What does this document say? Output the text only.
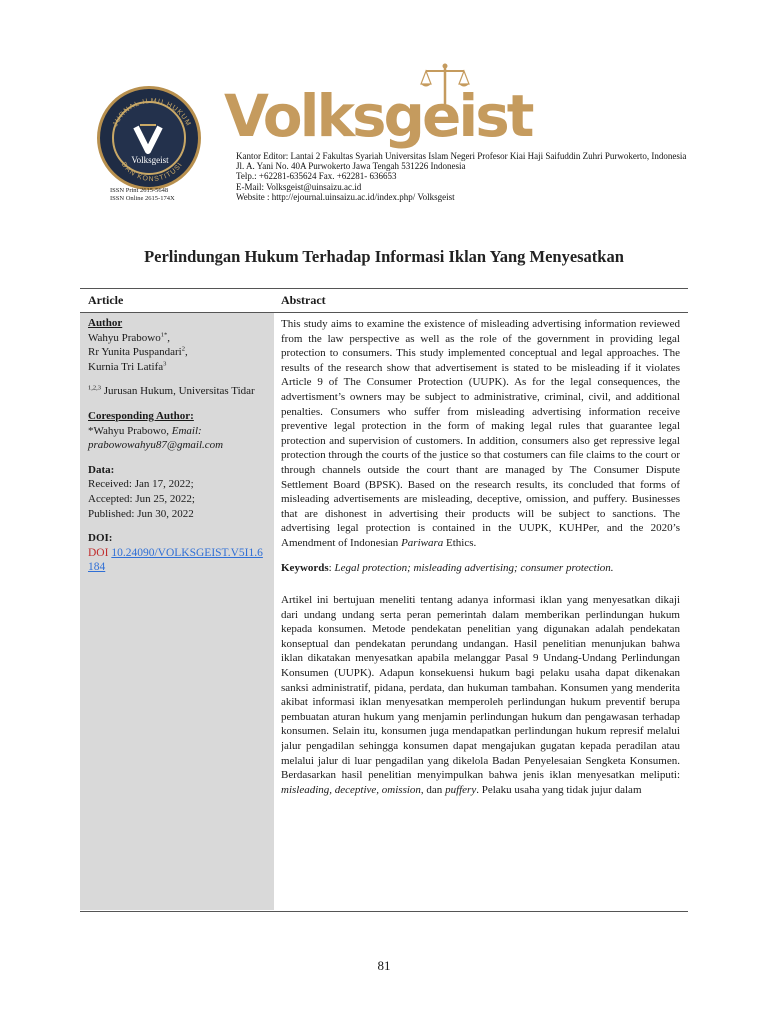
Volksgeist
JURNAL ILMU HUKUM
DAN KONSTITUSI
ISSN Print 2615-5648
ISSN Online 2615-174X
Volksgeist
Kantor Editor: Lantai 2 Fakultas Syariah Universitas Islam Negeri Profesor Kiai Haji Saifuddin Zuhri Purwokerto, Indonesia
Jl. A. Yani No. 40A Purwokerto Jawa Tengah 531226 Indonesia
Telp.: +62281-635624 Fax. +62281- 636653
E-Mail: Volksgeist@uinsaizu.ac.id
Website : http://ejournal.uinsaizu.ac.id/index.php/ Volksgeist
Perlindungan Hukum Terhadap Informasi Iklan Yang Menyesatkan
Article	Abstract
Author
Wahyu Prabowo$^{1*}$,
Rr Yunita Puspandari$^2$,
Kurnia Tri Latifa$^3$
$^{1,2,3}$ Jurusan Hukum, Universitas Tidar
Coresponding Author:
*Wahyu Prabowo, Email:
prabowowahyu87@gmail.com
Data:
Received: Jan 17, 2022;
Accepted: Jun 25, 2022;
Published: Jun 30, 2022
DOI:
DOI 10.24090/VOLKSGEIST.V5I1.6184

This study aims to examine the existence of misleading advertising information reviewed from the law perspective as well as the role of the government in providing legal protection to consumers. This study implemented conceptual and legal approaches. The results of the research show that advertisement is stated to be misleading if it violates Article 9 of The Consumer Protection (UUPK). As for the legal consequences, the advertisment’s owners may be subject to administrative, criminal, civil, and additional penalties. Consumers who suffer from misleading advertising information receive preventive legal protection in the form of making legal rules that guarantee legal protection and supervision of customers. In addition, consumers also get repressive legal protection through the courts of the justice so that costumers can file claims to the court or through channels outside the court thant are managed by The Consumer Dispute Settlement Board (BPSK). Based on the research results, its concluded that forms of misleading advertisements are misleading, deceptive, omission, and puffery. Businesses that are dishonest in advertising their products will be subject to sanctions. The advertising legal protection is contained in the UUPK, KUHPer, and the 2020’s Amendment of Indonesian Pariwara Ethics.

Keywords: Legal protection; misleading advertising; consumer protection.

Artikel ini bertujuan meneliti tentang adanya informasi iklan yang menyesatkan dikaji dari undang undang serta peran pemerintah dalam memberikan perlindungan hukum kepada konsumen. Metode pendekatan penelitian yang digunakan adalah pendekatan konseptual dan pendekatan perundang undangan. Hasil penelitian menunjukan bahwa iklan dikatakan menyesatkan apabila melanggar Pasal 9 Undang-Undang Perlindungan Konsumen (UUPK). Adapun konsekuensi hukum bagi pelaku usaha dapat dikenakan sanksi administratif, pidana, perdata, dan hukuman tambahan. Konsumen yang menderita akibat informasi iklan menyesatkan memperoleh perlindungan hukum preventif berupa pembuatan aturan hukum yang menjamin perlindungan hukum dan pengawasan terhadap konsumen. Selain itu, konsumen juga mendapatkan perlindungan hukum represif melalui jalur pengadilan sehingga konsumen dapat mengajukan gugatan kepada peradilan atau melalui jalur di luar pengadilan yang dikelola Badan Penyelesaian Sengketa Konsumen. Berdasarkan hasil penelitian menyimpulkan bahwa jenis iklan menyesatkan meliputi: misleading, deceptive, omission, dan puffery. Pelaku usaha yang tidak jujur dalam

81
